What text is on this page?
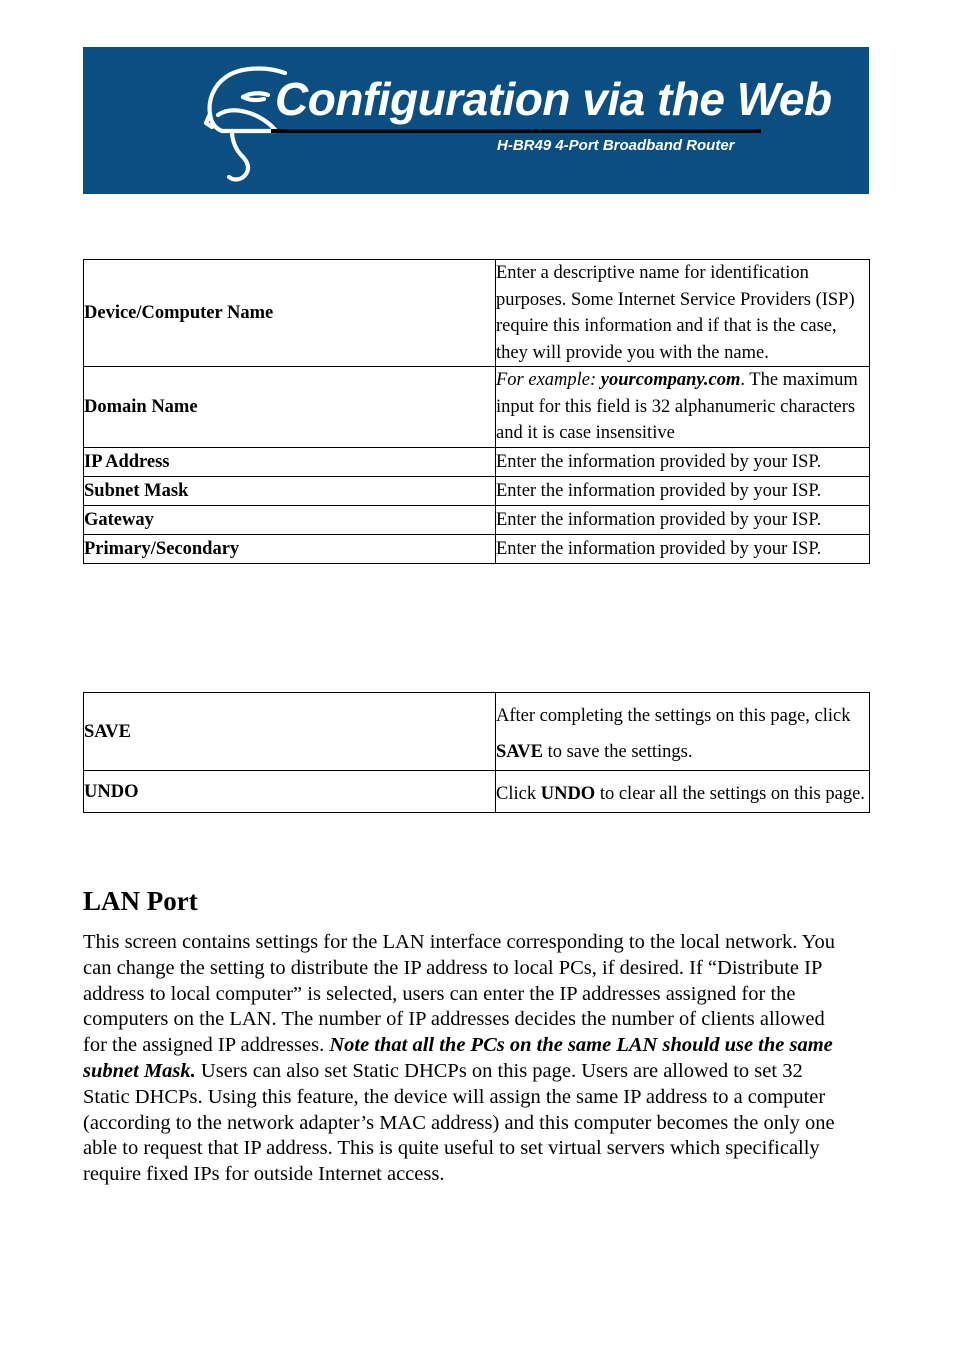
Configuration via the Web
H-BR49 4-Port Broadband Router
Device/Computer Name	Enter a descriptive name for identification purposes. Some Internet Service Providers (ISP) require this information and if that is the case, they will provide you with the name.
Domain Name	For example: yourcompany.com. The maximum input for this field is 32 alphanumeric characters and it is case insensitive
IP Address	Enter the information provided by your ISP.
Subnet Mask	Enter the information provided by your ISP.
Gateway	Enter the information provided by your ISP.
Primary/Secondary	Enter the information provided by your ISP.
SAVE	After completing the settings on this page, click SAVE to save the settings.
UNDO	Click UNDO to clear all the settings on this page.
LAN Port

This screen contains settings for the LAN interface corresponding to the local network. You can change the setting to distribute the IP address to local PCs, if desired. If “Distribute IP address to local computer” is selected, users can enter the IP addresses assigned for the computers on the LAN. The number of IP addresses decides the number of clients allowed for the assigned IP addresses. Note that all the PCs on the same LAN should use the same subnet Mask. Users can also set Static DHCPs on this page. Users are allowed to set 32 Static DHCPs. Using this feature, the device will assign the same IP address to a computer (according to the network adapter’s MAC address) and this computer becomes the only one able to request that IP address. This is quite useful to set virtual servers which specifically require fixed IPs for outside Internet access.
